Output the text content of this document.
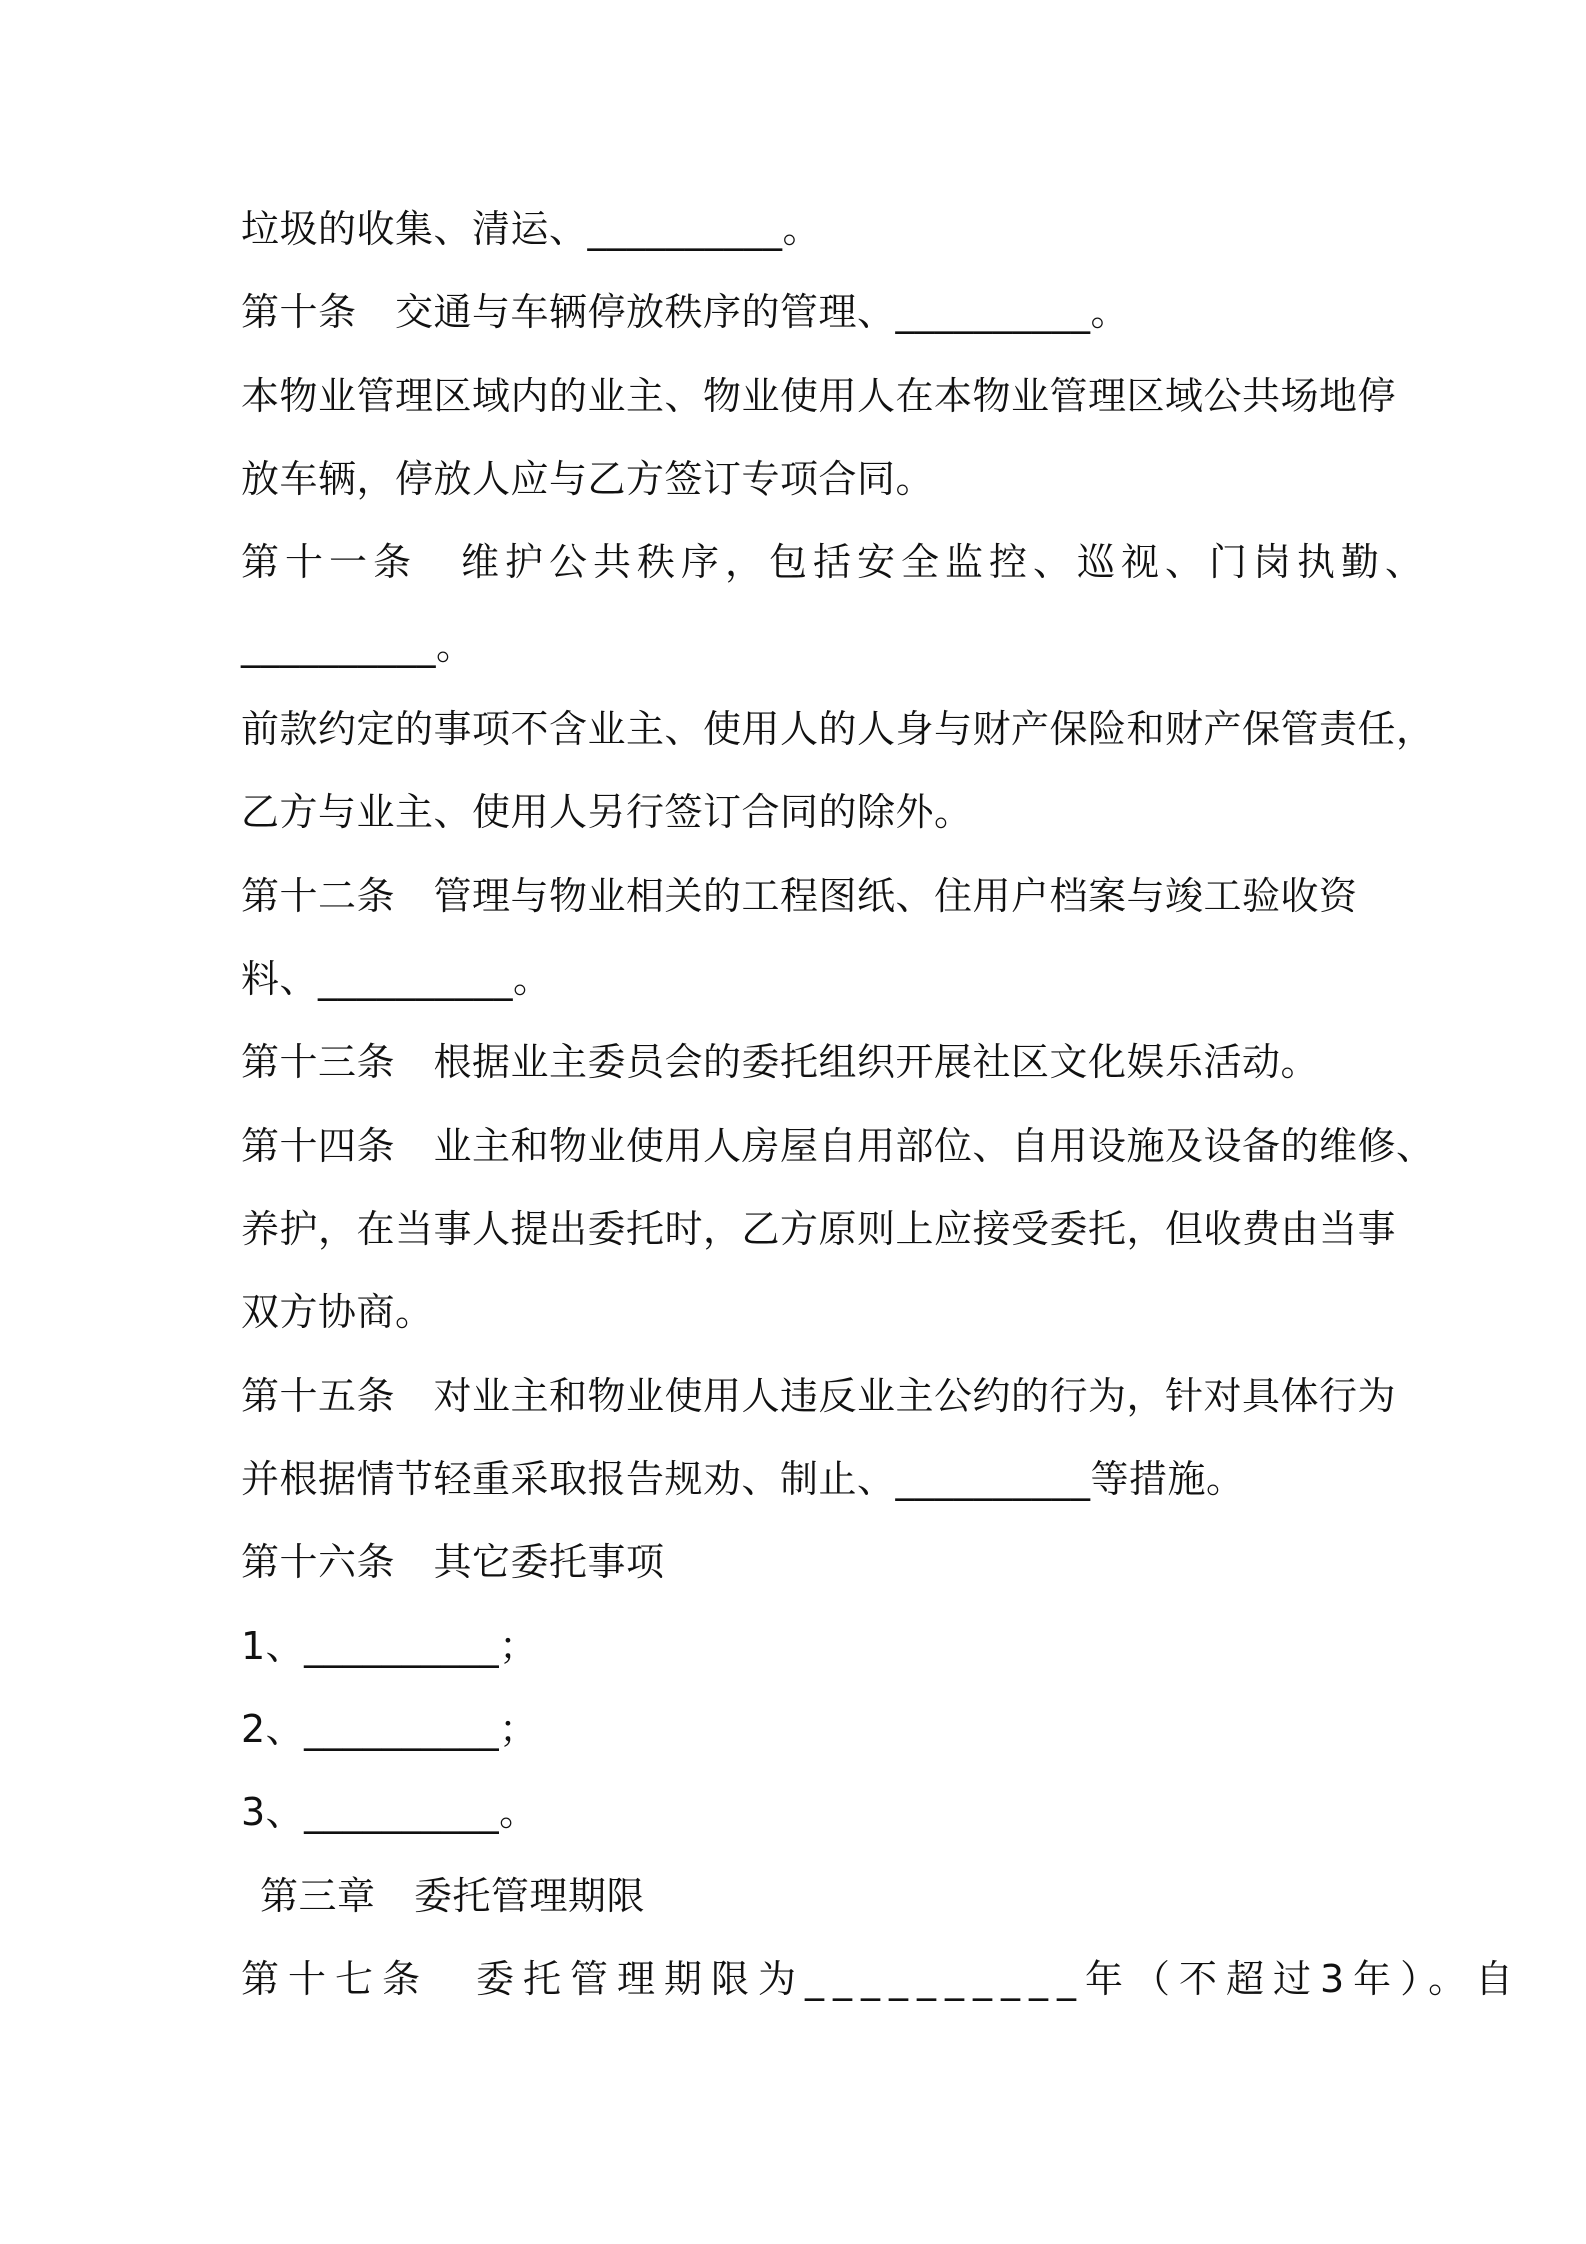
垃圾的收集、清运、__________。
第十条　交通与车辆停放秩序的管理、__________。
本物业管理区域内的业主、物业使用人在本物业管理区域公共场地停
放车辆，停放人应与乙方签订专项合同。
第十一条　维护公共秩序，包括安全监控、巡视、门岗执勤、
__________。
前款约定的事项不含业主、使用人的人身与财产保险和财产保管责任，
乙方与业主、使用人另行签订合同的除外。
第十二条　管理与物业相关的工程图纸、住用户档案与竣工验收资
料、__________。
第十三条　根据业主委员会的委托组织开展社区文化娱乐活动。
第十四条　业主和物业使用人房屋自用部位、自用设施及设备的维修、
养护，在当事人提出委托时，乙方原则上应接受委托，但收费由当事
双方协商。
第十五条　对业主和物业使用人违反业主公约的行为，针对具体行为
并根据情节轻重采取报告规劝、制止、__________等措施。
第十六条　其它委托事项
1、__________；
2、__________；
3、__________。
第三章　委托管理期限
第十七条　委托管理期限为__________年（不超过3年）。自
